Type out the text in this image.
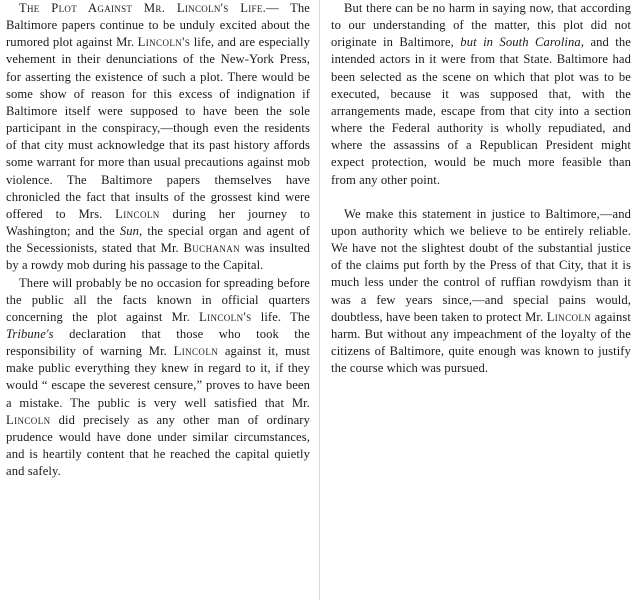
The Plot Against Mr. Lincoln's Life.— The Baltimore papers continue to be unduly excited about the rumored plot against Mr. Lincoln's life, and are especially vehement in their denunciations of the New-York Press, for asserting the existence of such a plot. There would be some show of reason for this excess of indignation if Baltimore itself were supposed to have been the sole participant in the conspiracy,—though even the residents of that city must acknowledge that its past history affords some warrant for more than usual precautions against mob violence. The Baltimore papers themselves have chronicled the fact that insults of the grossest kind were offered to Mrs. Lincoln during her journey to Washington; and the Sun, the special organ and agent of the Secessionists, stated that Mr. Buchanan was insulted by a rowdy mob during his passage to the Capital.

There will probably be no occasion for spreading before the public all the facts known in official quarters concerning the plot against Mr. Lincoln's life. The Tribune's declaration that those who took the responsibility of warning Mr. Lincoln against it, must make public everything they knew in regard to it, if they would “ escape the severest censure,” proves to have been a mistake. The public is very well satisfied that Mr. Lincoln did precisely as any other man of ordinary prudence would have done under similar circumstances, and is heartily content that he reached the capital quietly and safely.

But there can be no harm in saying now, that according to our understanding of the matter, this plot did not originate in Baltimore, but in South Carolina, and the intended actors in it were from that State. Baltimore had been selected as the scene on which that plot was to be executed, because it was supposed that, with the arrangements made, escape from that city into a section where the Federal authority is wholly repudiated, and where the assassins of a Republican President might expect protection, would be much more feasible than from any other point.

We make this statement in justice to Baltimore,—and upon authority which we believe to be entirely reliable. We have not the slightest doubt of the substantial justice of the claims put forth by the Press of that City, that it is much less under the control of ruffian rowdyism than it was a few years since,—and special pains would, doubtless, have been taken to protect Mr. Lincoln against harm. But without any impeachment of the loyalty of the citizens of Baltimore, quite enough was known to justify the course which was pursued.
